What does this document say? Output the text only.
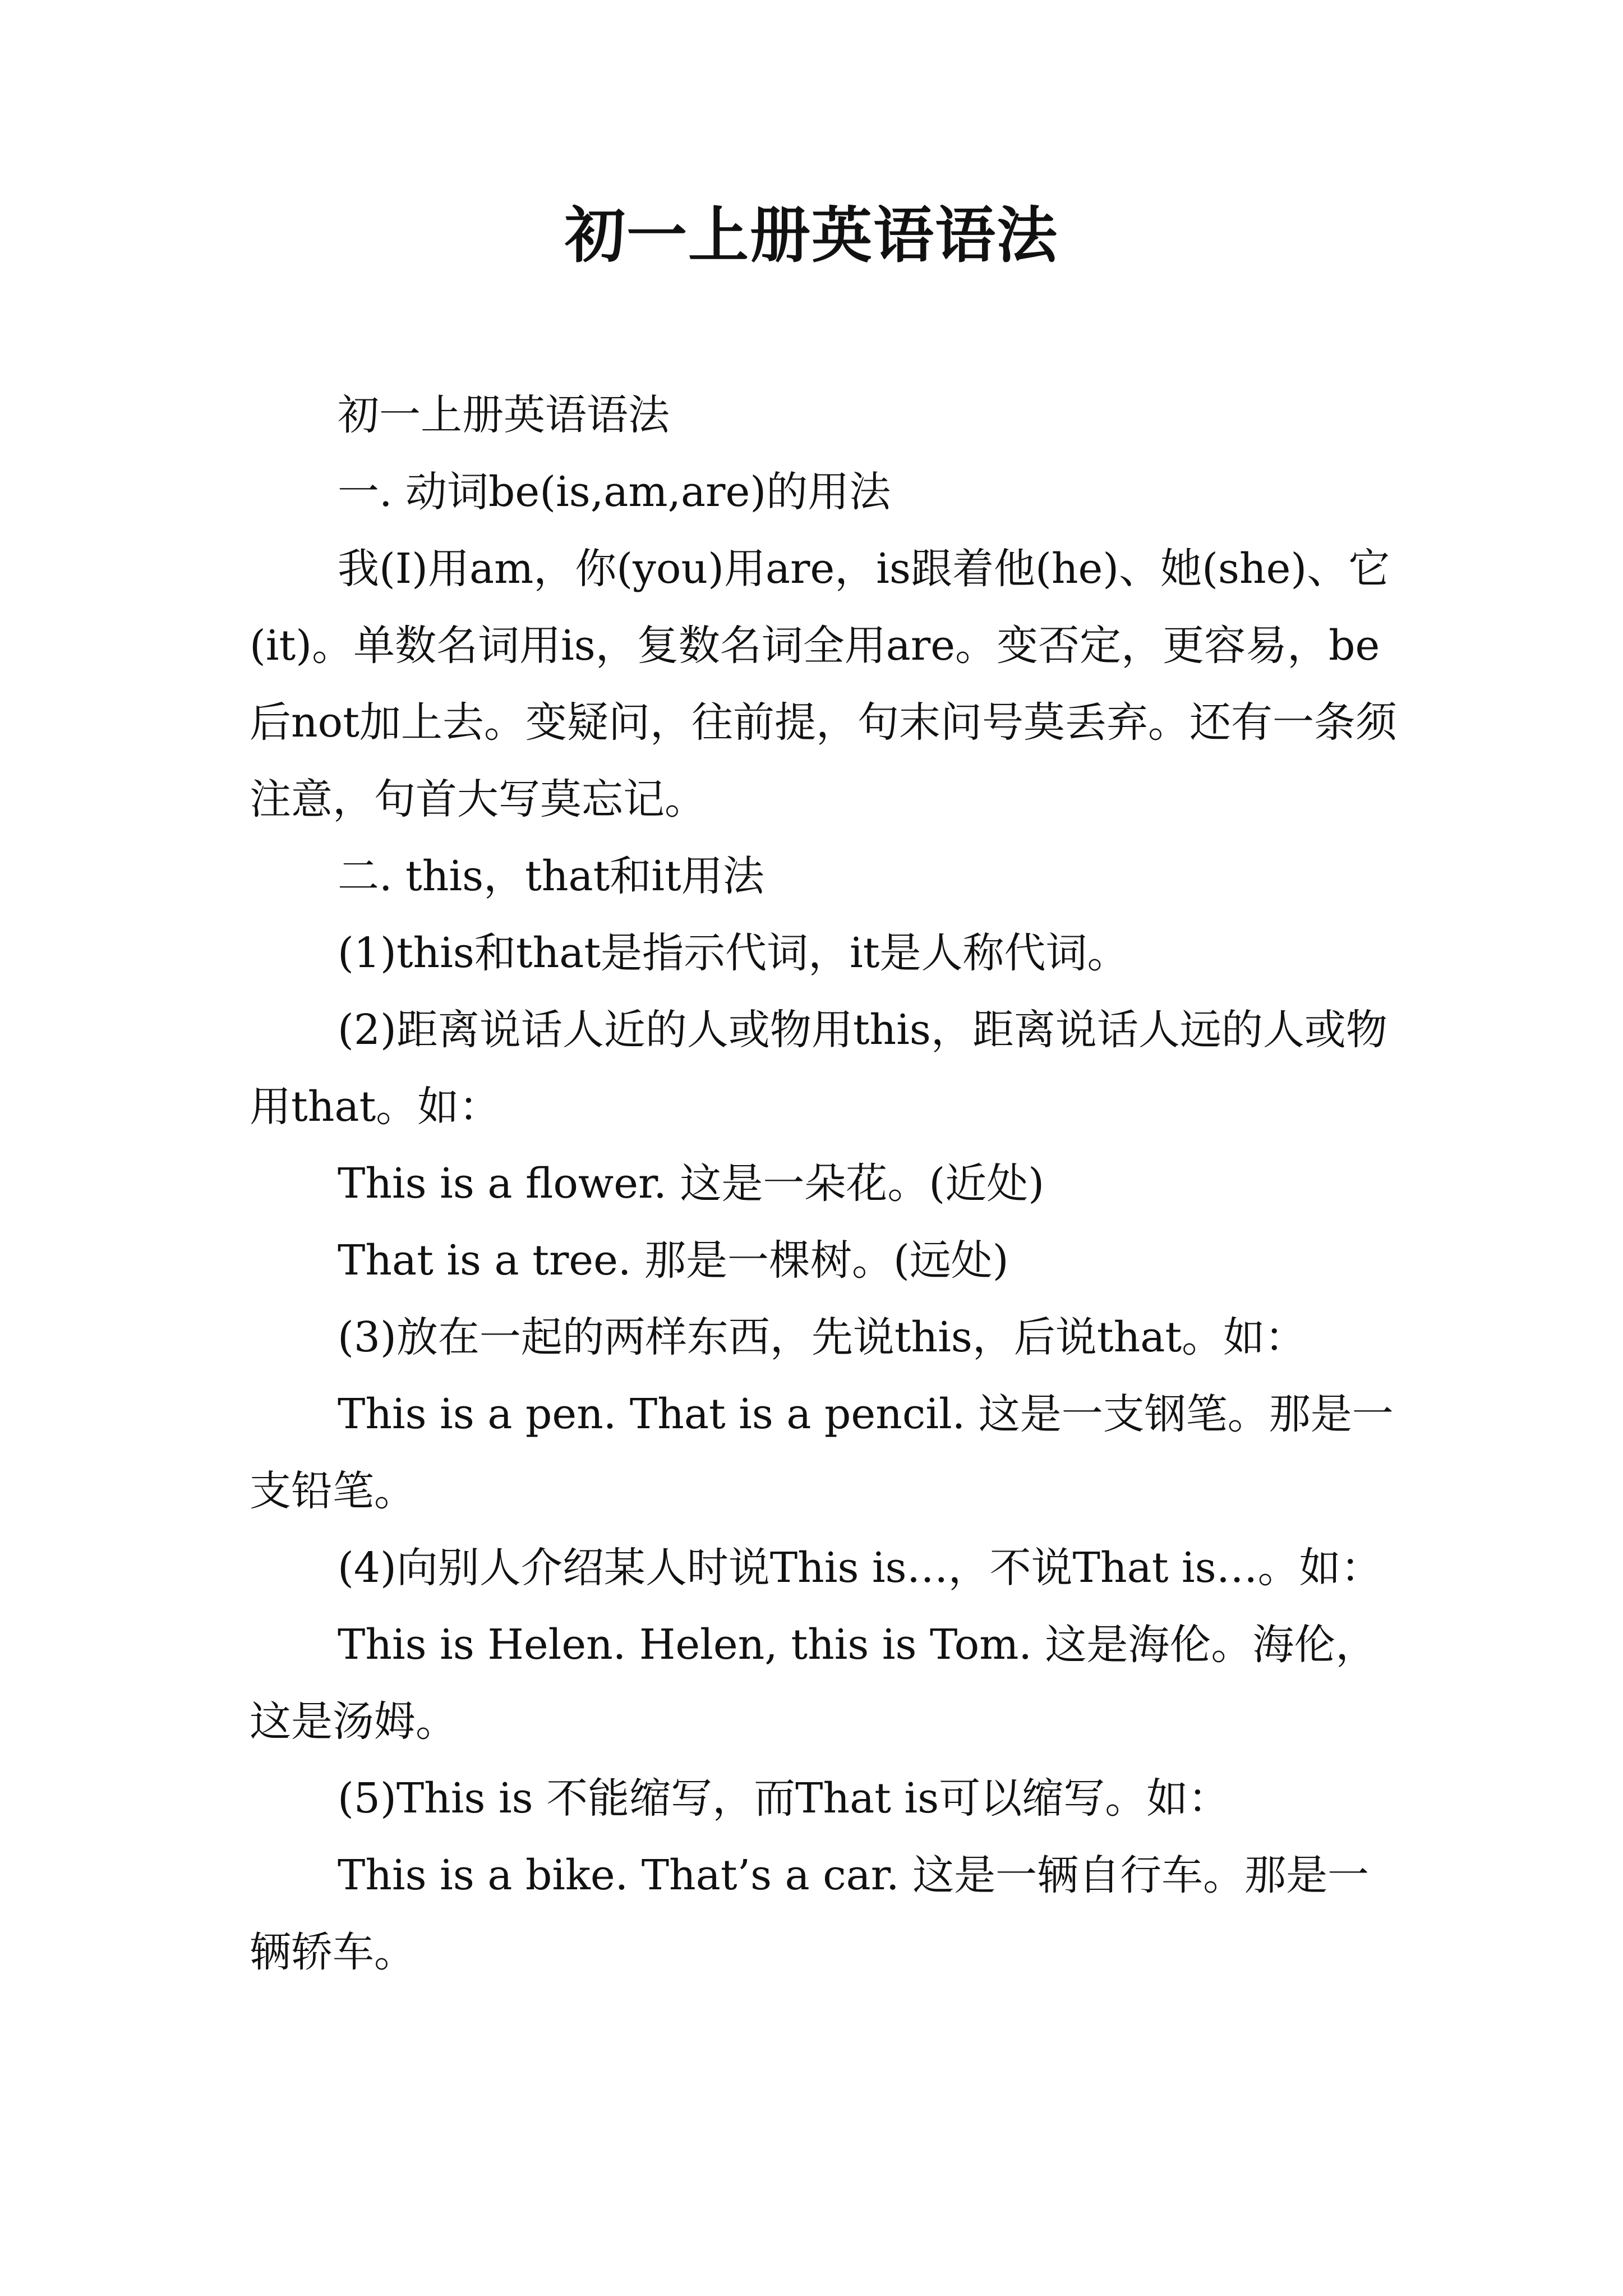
初一上册英语语法

初一上册英语语法

一. 动词be(is,am,are)的用法

我(I)用am，你(you)用are，is跟着他(he)、她(she)、它(it)。单数名词用is，复数名词全用are。变否定，更容易，be后not加上去。变疑问，往前提，句末问号莫丢弃。还有一条须注意，句首大写莫忘记。

二. this，that和it用法

(1)this和that是指示代词，it是人称代词。

(2)距离说话人近的人或物用this，距离说话人远的人或物用that。如：

This is a flower. 这是一朵花。(近处)

That is a tree. 那是一棵树。(远处)

(3)放在一起的两样东西，先说this，后说that。如：

This is a pen. That is a pencil. 这是一支钢笔。那是一支铅笔。

(4)向别人介绍某人时说This is…，不说That is…。如：

This is Helen. Helen, this is Tom. 这是海伦。海伦，这是汤姆。

(5)This is 不能缩写，而That is可以缩写。如：

This is a bike. That’s a car. 这是一辆自行车。那是一辆轿车。
